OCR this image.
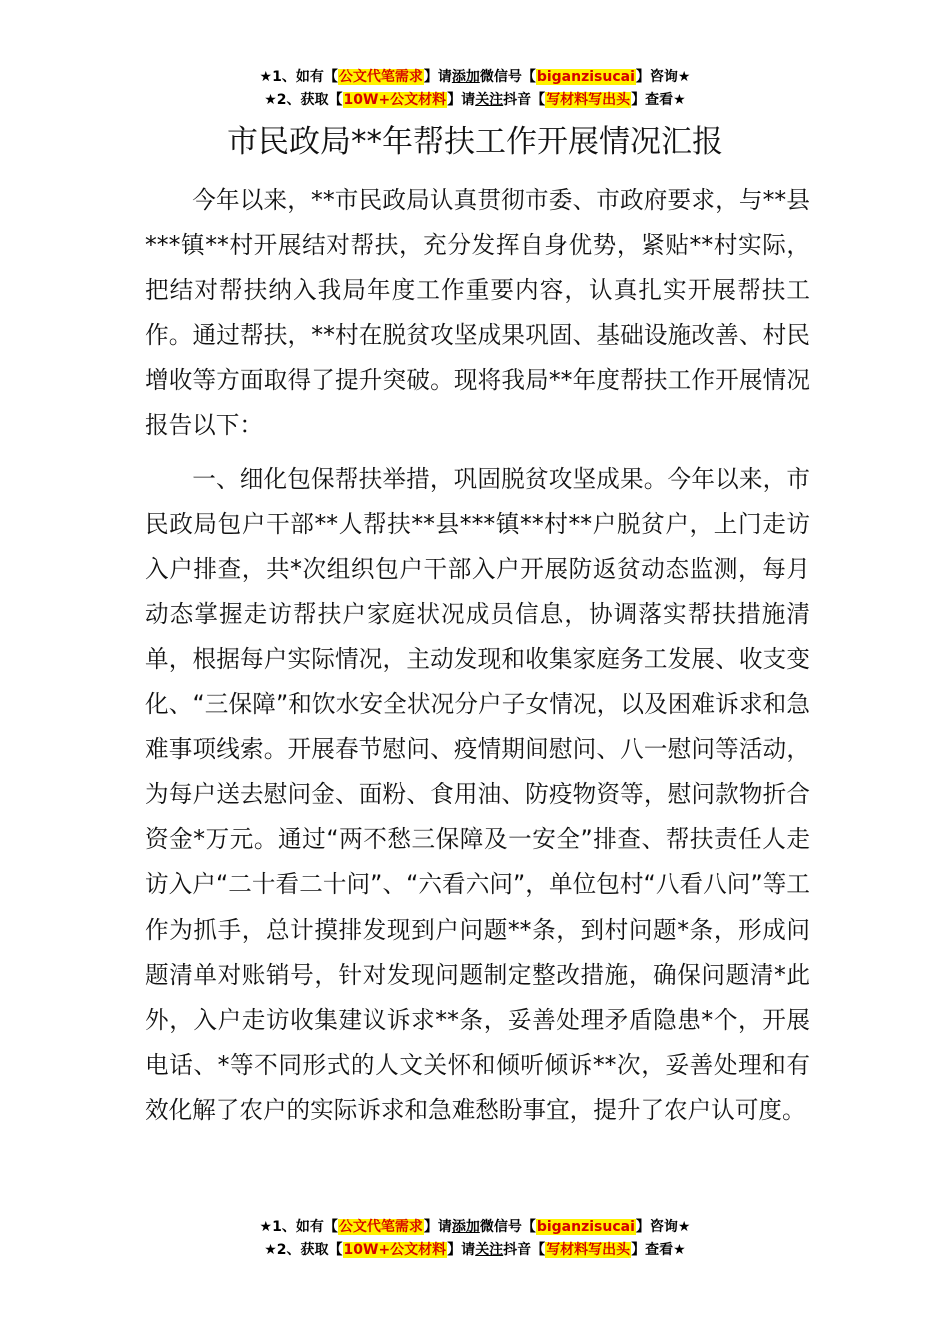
★1、如有【公文代笔需求】请添加微信号【biganzisucai】咨询★
★2、获取【10W+公文材料】请关注抖音【写材料写出头】查看★
市民政局**年帮扶工作开展情况汇报

今年以来，**市民政局认真贯彻市委、市政府要求，与**县***镇**村开展结对帮扶，充分发挥自身优势，紧贴**村实际，把结对帮扶纳入我局年度工作重要内容，认真扎实开展帮扶工作。通过帮扶，**村在脱贫攻坚成果巩固、基础设施改善、村民增收等方面取得了提升突破。现将我局**年度帮扶工作开展情况报告以下：

一、细化包保帮扶举措，巩固脱贫攻坚成果。今年以来，市民政局包户干部**人帮扶**县***镇**村**户脱贫户，上门走访入户排查，共*次组织包户干部入户开展防返贫动态监测，每月动态掌握走访帮扶户家庭状况成员信息，协调落实帮扶措施清单，根据每户实际情况，主动发现和收集家庭务工发展、收支变化、“三保障”和饮水安全状况分户子女情况，以及困难诉求和急难事项线索。开展春节慰问、疫情期间慰问、八一慰问等活动，为每户送去慰问金、面粉、食用油、防疫物资等，慰问款物折合资金*万元。通过“两不愁三保障及一安全”排查、帮扶责任人走访入户“二十看二十问”、“六看六问”，单位包村“八看八问”等工作为抓手，总计摸排发现到户问题**条，到村问题*条，形成问题清单对账销号，针对发现问题制定整改措施，确保问题清*此外，入户走访收集建议诉求**条，妥善处理矛盾隐患*个，开展电话、*等不同形式的人文关怀和倾听倾诉**次，妥善处理和有效化解了农户的实际诉求和急难愁盼事宜，提升了农户认可度。

★1、如有【公文代笔需求】请添加微信号【biganzisucai】咨询★
★2、获取【10W+公文材料】请关注抖音【写材料写出头】查看★
